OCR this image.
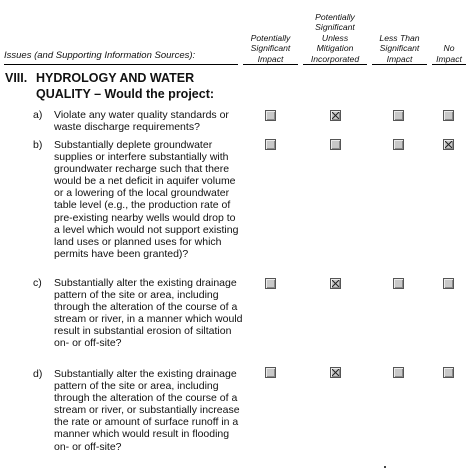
Potentially
Significant
Impact
Potentially
Significant
Unless
Mitigation
Incorporated
Less Than
Significant
Impact
No
Impact
Issues (and Supporting Information Sources):
VIII. HYDROLOGY AND WATER QUALITY – Would the project:
a) Violate any water quality standards or waste discharge requirements?
b) Substantially deplete groundwater supplies or interfere substantially with groundwater recharge such that there would be a net deficit in aquifer volume or a lowering of the local groundwater table level (e.g., the production rate of pre-existing nearby wells would drop to a level which would not support existing land uses or planned uses for which permits have been granted)?
c) Substantially alter the existing drainage pattern of the site or area, including through the alteration of the course of a stream or river, in a manner which would result in substantial erosion of siltation on- or off-site?
d) Substantially alter the existing drainage pattern of the site or area, including through the alteration of the course of a stream or river, or substantially increase the rate or amount of surface runoff in a manner which would result in flooding on- or off-site?
